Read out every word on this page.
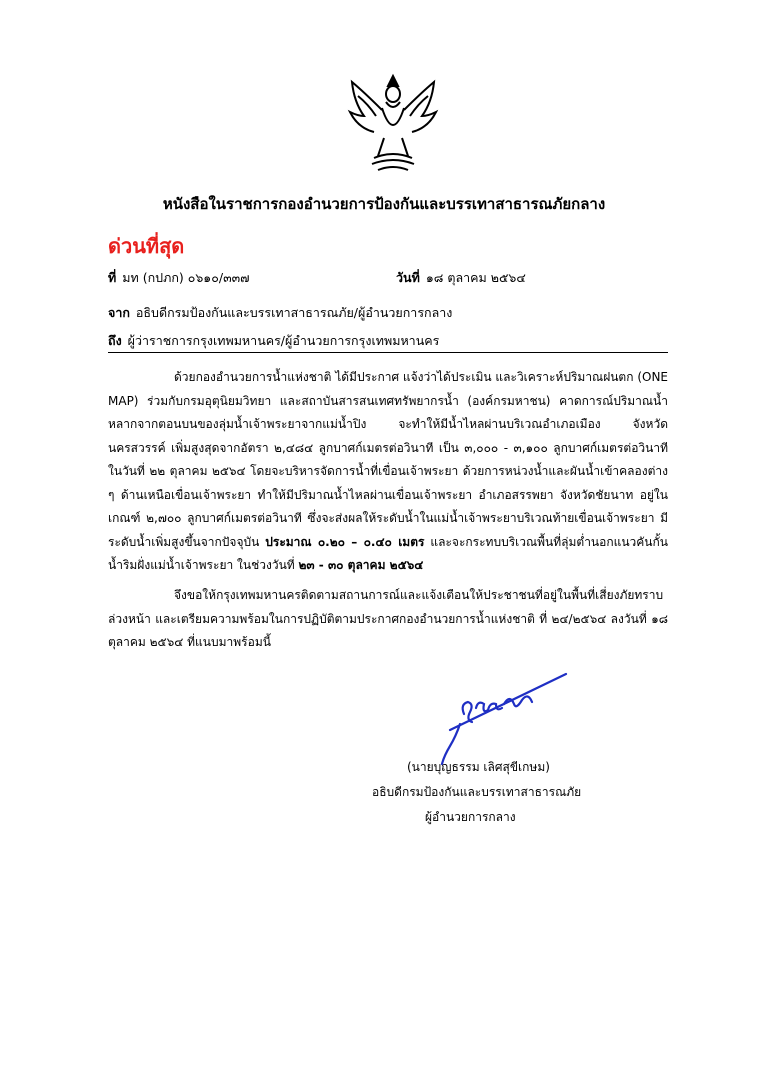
หนังสือในราชการกองอำนวยการป้องกันและบรรเทาสาธารณภัยกลาง
ด่วนที่สุด
ที่ มท (กปภก) ๐๖๑๐/๓๓๗	วันที่ ๑๘ ตุลาคม ๒๕๖๔
จาก อธิบดีกรมป้องกันและบรรเทาสาธารณภัย/ผู้อำนวยการกลาง
ถึง ผู้ว่าราชการกรุงเทพมหานคร/ผู้อำนวยการกรุงเทพมหานคร
ด้วยกองอำนวยการน้ำแห่งชาติ ได้มีประกาศ แจ้งว่าได้ประเมิน และวิเคราะห์ปริมาณฝนตก (ONE MAP) ร่วมกับกรมอุตุนิยมวิทยา และสถาบันสารสนเทศทรัพยากรน้ำ (องค์กรมหาชน) คาดการณ์ปริมาณน้ำหลากจากตอนบนของลุ่มน้ำเจ้าพระยาจากแม่น้ำปิง จะทำให้มีน้ำไหลผ่านบริเวณอำเภอเมือง จังหวัดนครสวรรค์ เพิ่มสูงสุดจากอัตรา ๒,๔๘๔ ลูกบาศก์เมตรต่อวินาที เป็น ๓,๐๐๐ - ๓,๑๐๐ ลูกบาศก์เมตรต่อวินาที ในวันที่ ๒๒ ตุลาคม ๒๕๖๔ โดยจะบริหารจัดการน้ำที่เขื่อนเจ้าพระยา ด้วยการหน่วงน้ำและผันน้ำเข้าคลองต่าง ๆ ด้านเหนือเขื่อนเจ้าพระยา ทำให้มีปริมาณน้ำไหลผ่านเขื่อนเจ้าพระยา อำเภอสรรพยา จังหวัดชัยนาท อยู่ในเกณฑ์ ๒,๗๐๐ ลูกบาศก์เมตรต่อวินาที ซึ่งจะส่งผลให้ระดับน้ำในแม่น้ำเจ้าพระยาบริเวณท้ายเขื่อนเจ้าพระยา มีระดับน้ำเพิ่มสูงขึ้นจากปัจจุบัน ประมาณ ๐.๒๐ – ๐.๔๐ เมตร และจะกระทบบริเวณพื้นที่ลุ่มต่ำนอกแนวคันกั้นน้ำริมฝั่งแม่น้ำเจ้าพระยา ในช่วงวันที่ ๒๓ - ๓๐ ตุลาคม ๒๕๖๔
จึงขอให้กรุงเทพมหานครติดตามสถานการณ์และแจ้งเตือนให้ประชาชนที่อยู่ในพื้นที่เสี่ยงภัยทราบล่วงหน้า และเตรียมความพร้อมในการปฏิบัติตามประกาศกองอำนวยการน้ำแห่งชาติ ที่ ๒๔/๒๕๖๔ ลงวันที่ ๑๘ ตุลาคม ๒๕๖๔ ที่แนบมาพร้อมนี้
(นายบุญธรรม เลิศสุขีเกษม)
อธิบดีกรมป้องกันและบรรเทาสาธารณภัย
ผู้อำนวยการกลาง
